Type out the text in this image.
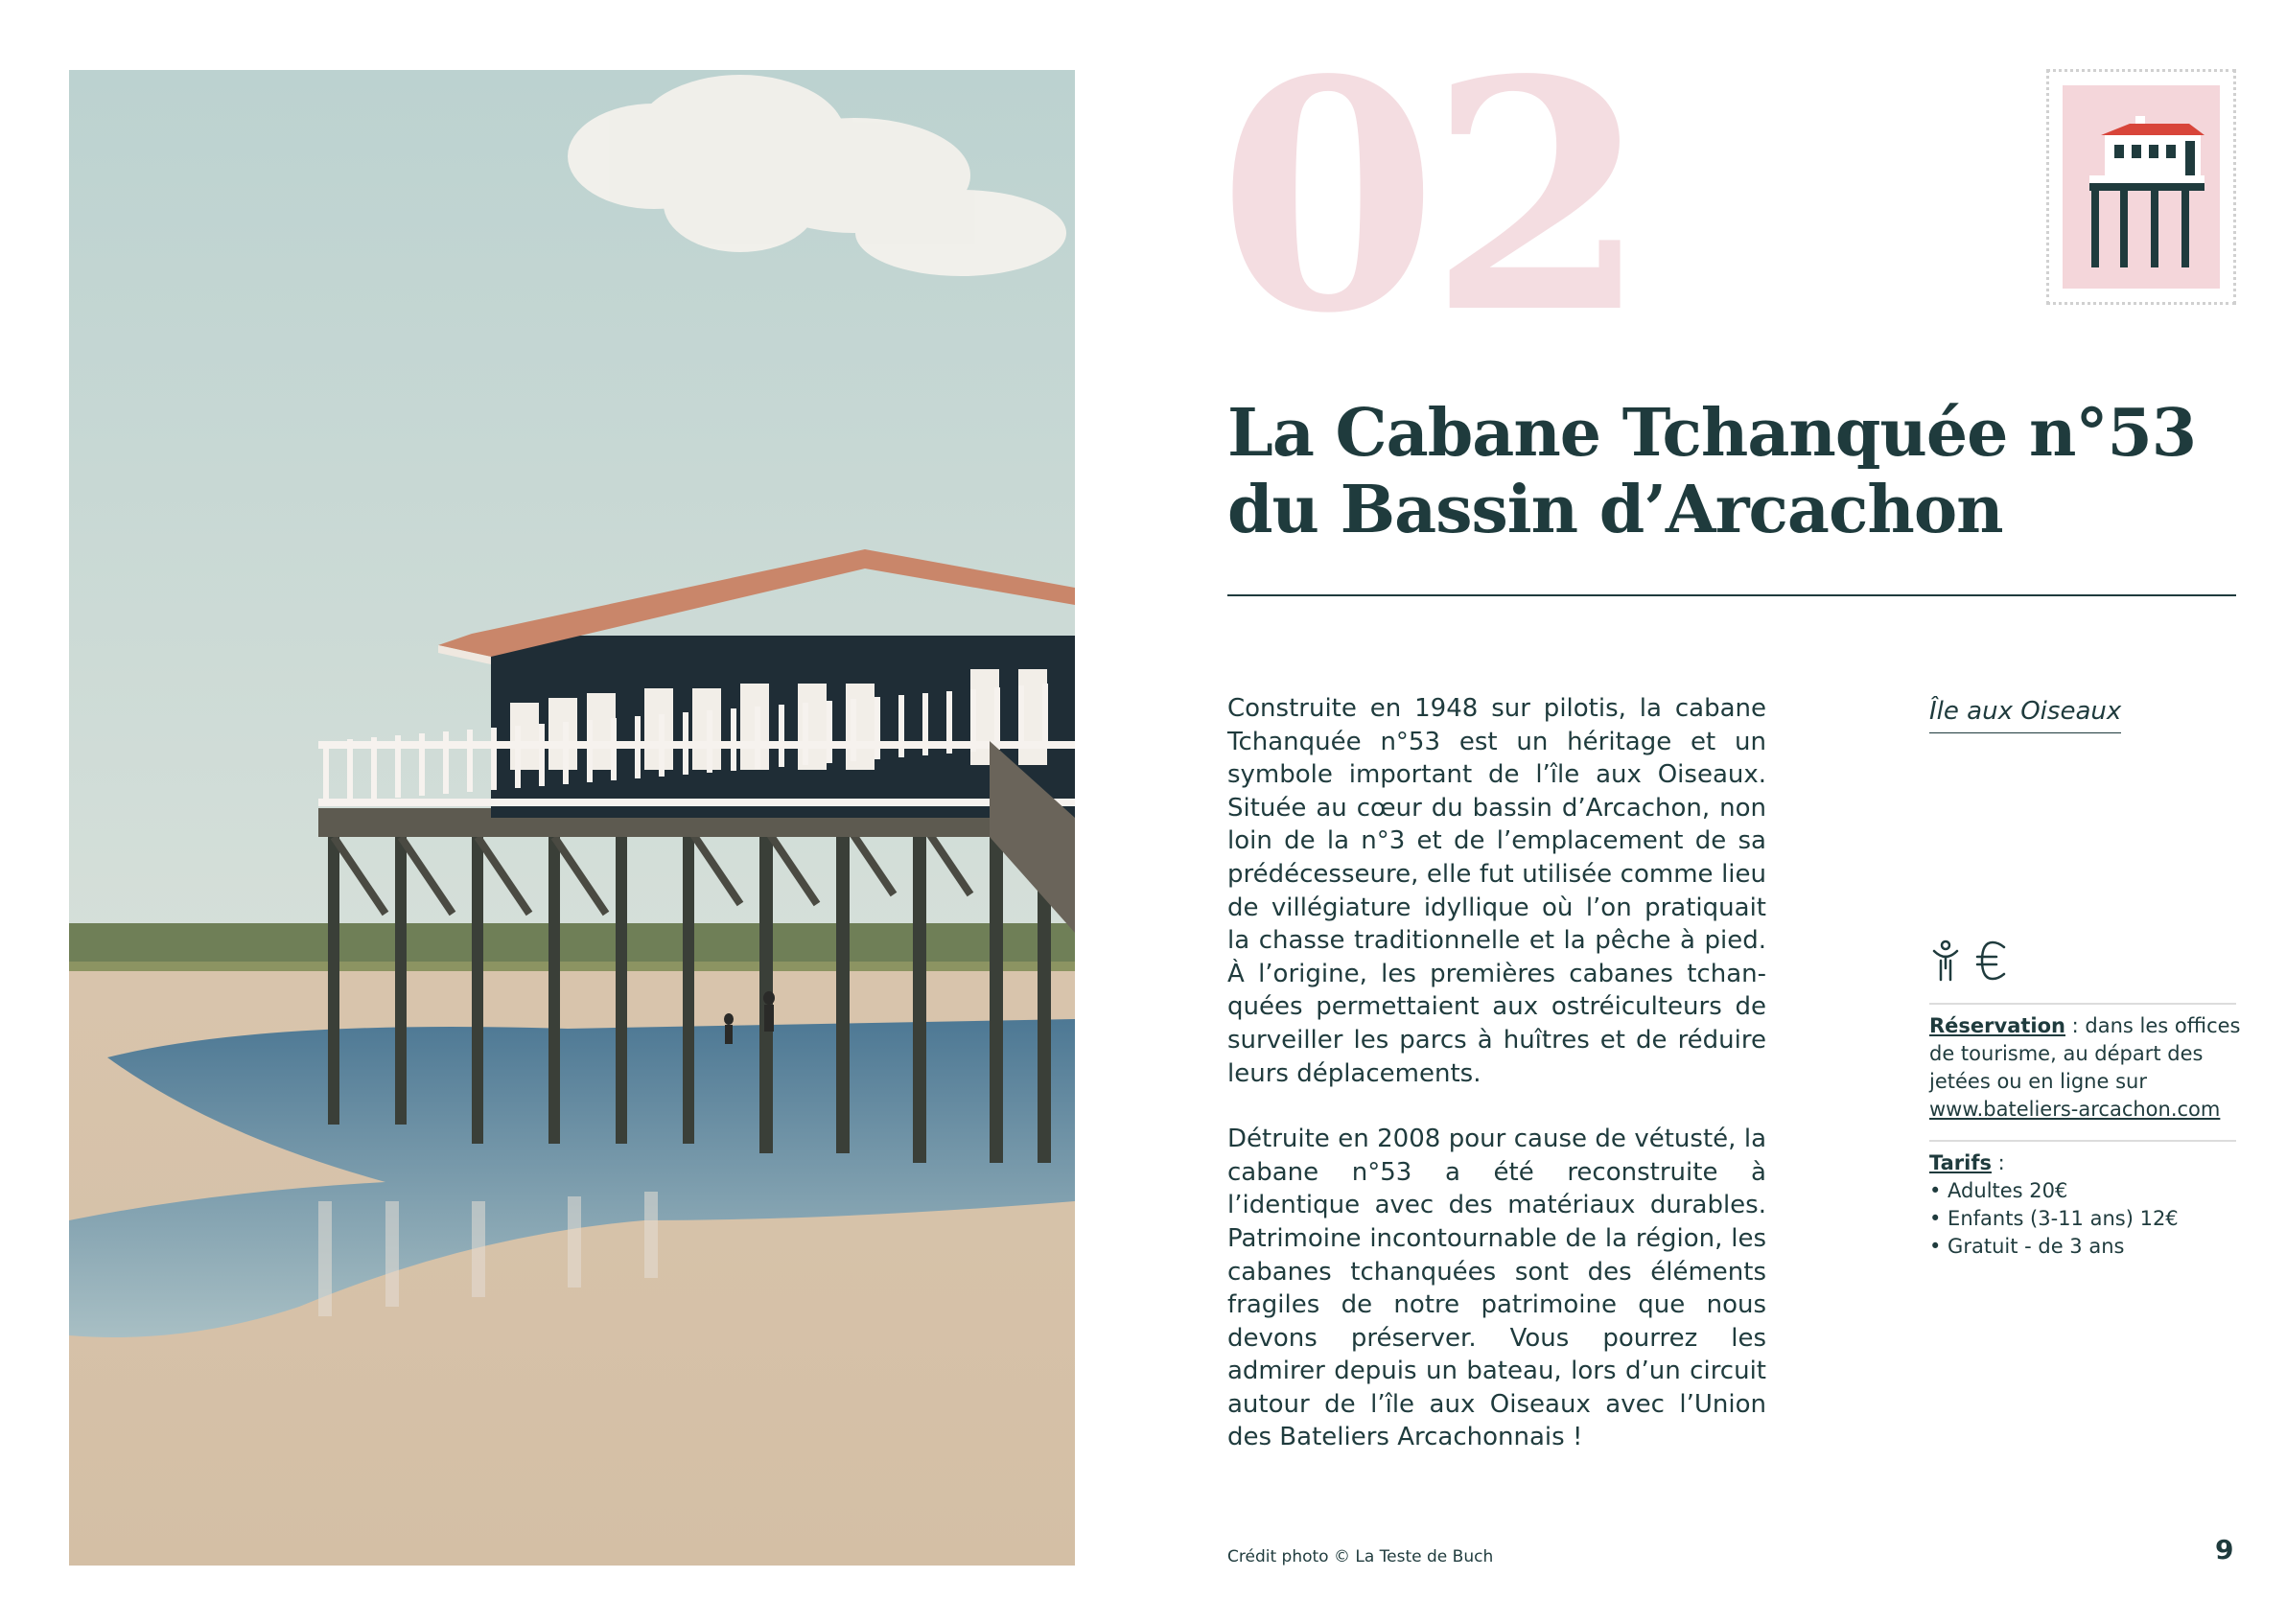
02
La Cabane Tchanquée n°53
du Bassin d’Arcachon

Construite en 1948 sur pilotis, la cabane Tchanquée n°53 est un héritage et un symbole important de l’île aux Oiseaux. Située au cœur du bassin d’Arcachon, non loin de la n°3 et de l’emplacement de sa prédécesseure, elle fut utilisée comme lieu de villégiature idyllique où l’on pratiquait la chasse traditionnelle et la pêche à pied. À l’origine, les premières cabanes tchan-quées permettaient aux ostréiculteurs de surveiller les parcs à huîtres et de réduire leurs déplacements.

Détruite en 2008 pour cause de vétusté, la cabane n°53 a été reconstruite à l’identique avec des matériaux durables. Patrimoine incontournable de la région, les cabanes tchanquées sont des éléments fragiles de notre patrimoine que nous devons préserver. Vous pourrez les admirer depuis un bateau, lors d’un circuit autour de l’île aux Oiseaux avec l’Union des Bateliers Arcachonnais !

Île aux Oiseaux
Réservation : dans les offices de tourisme, au départ des jetées ou en ligne sur www.bateliers-arcachon.com
Tarifs :
• Adultes 20€
• Enfants (3-11 ans) 12€
• Gratuit - de 3 ans
Crédit photo © La Teste de Buch	9
